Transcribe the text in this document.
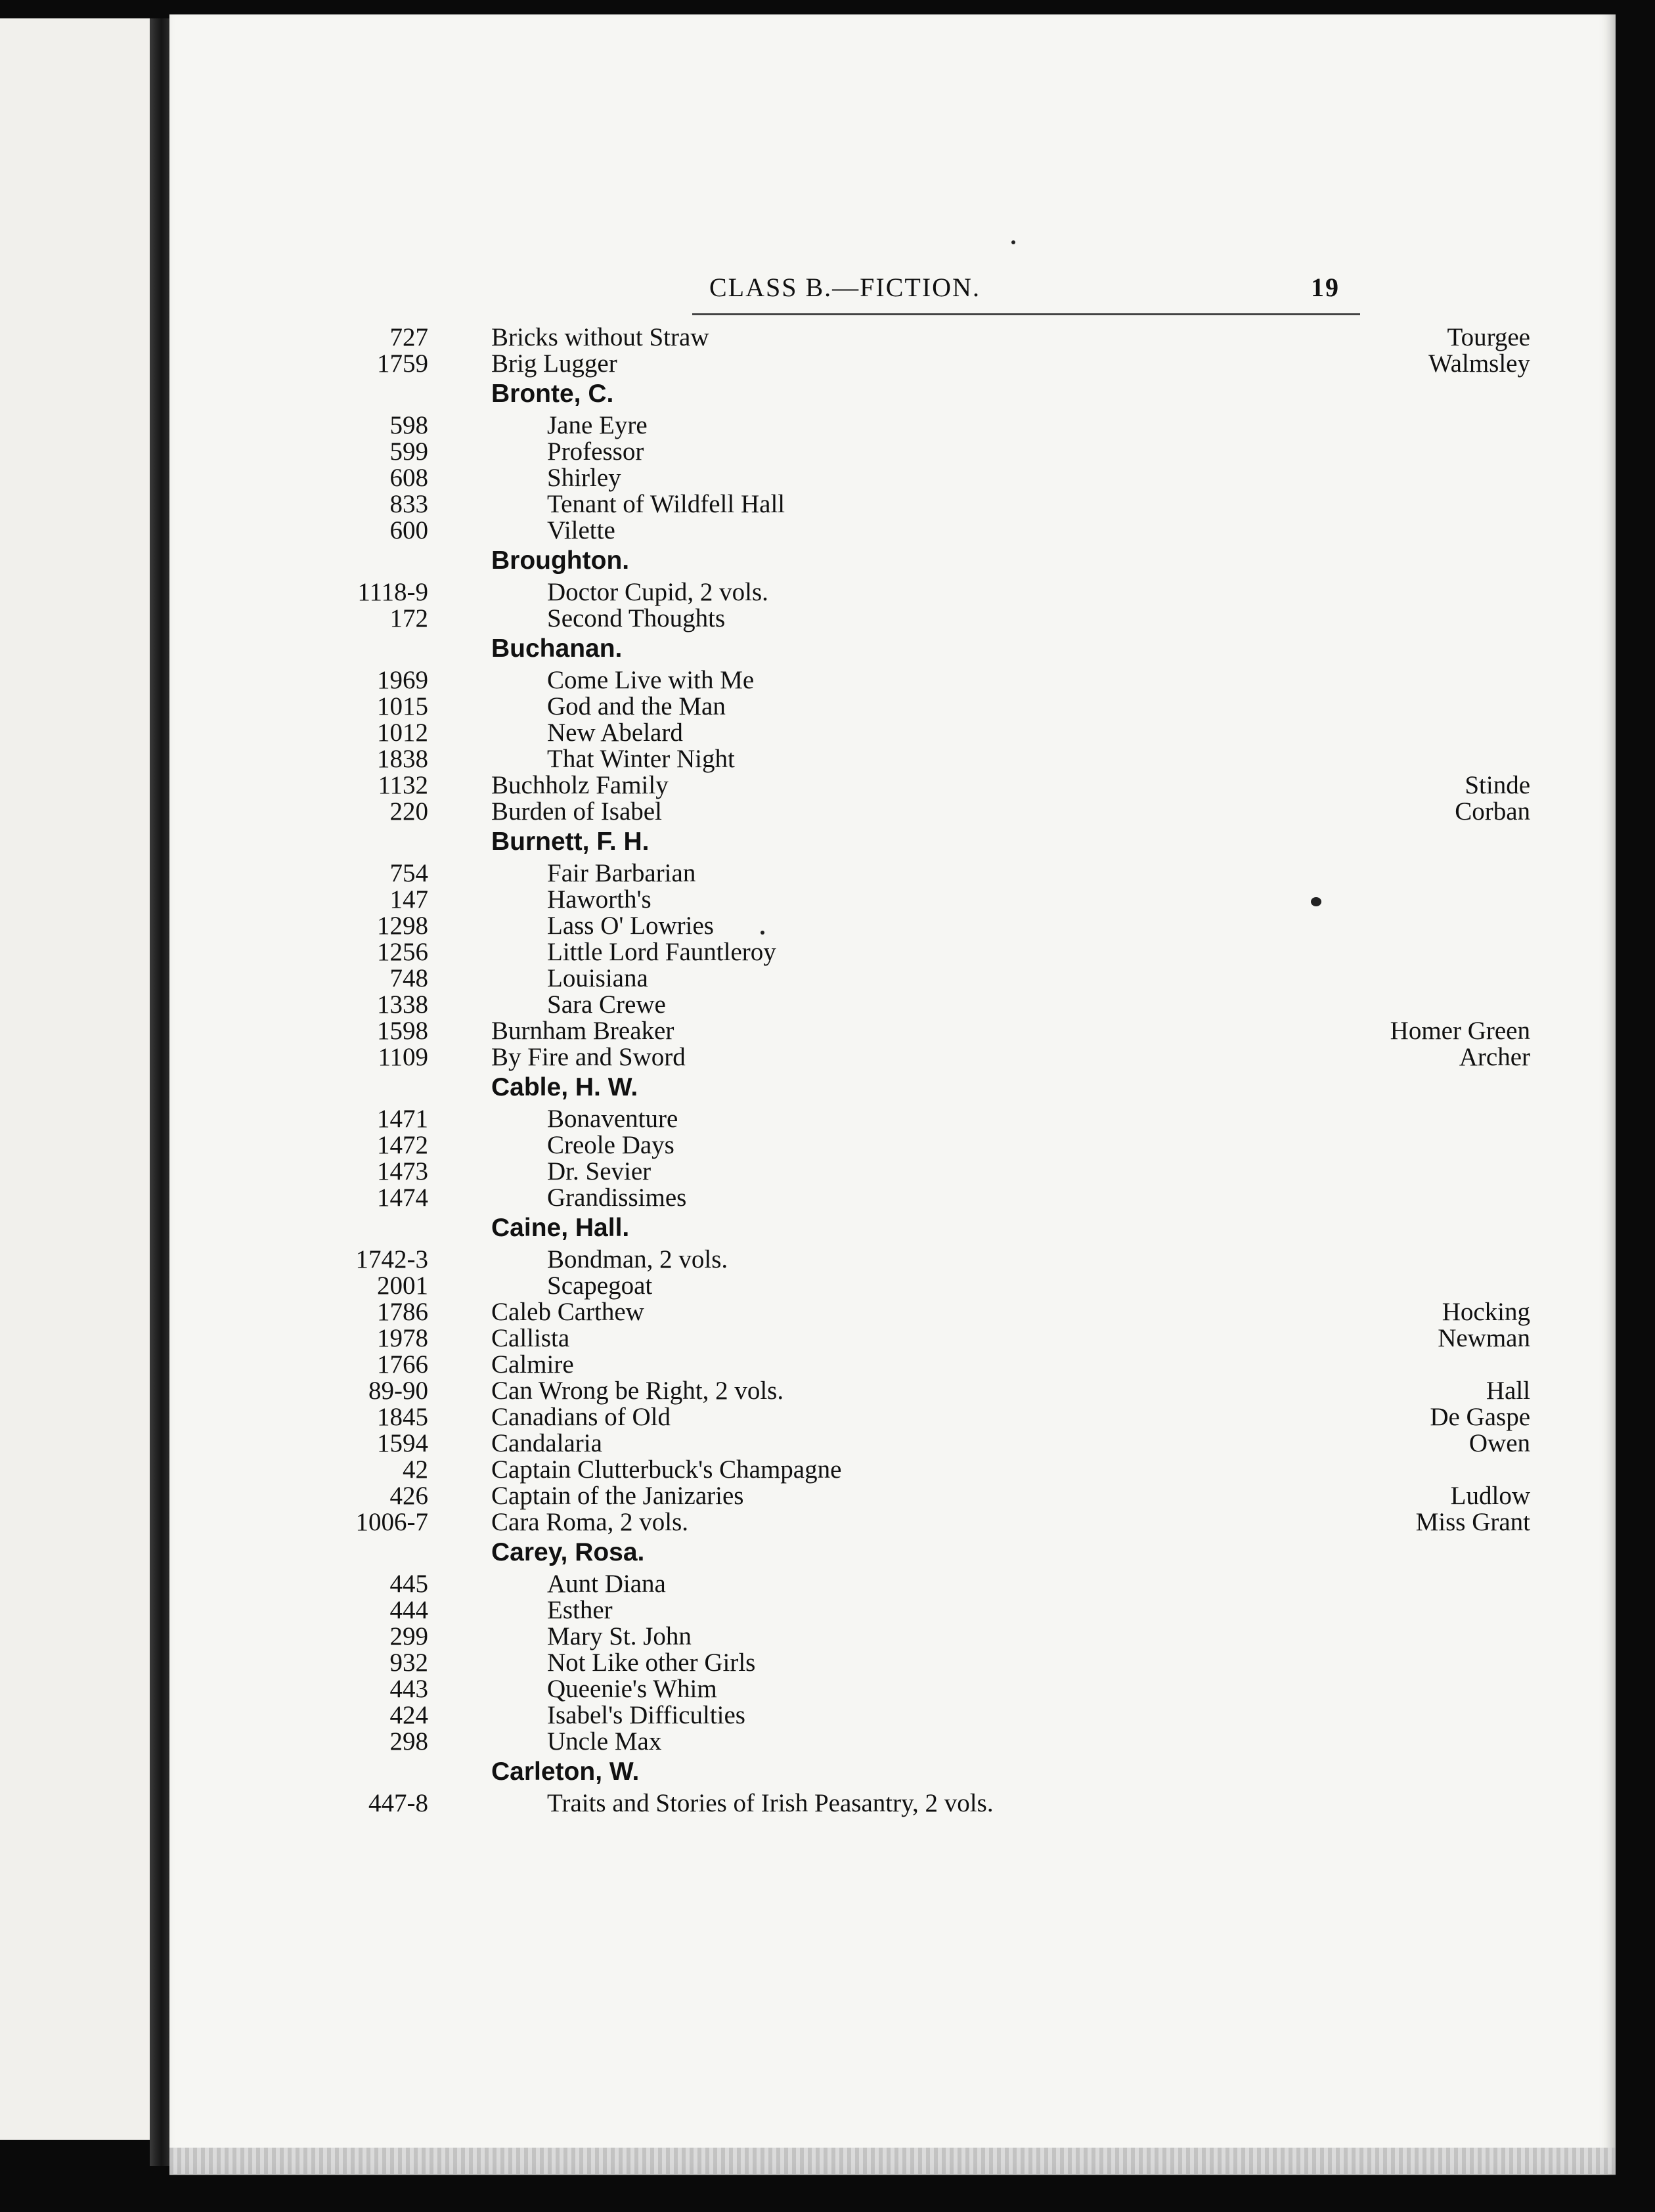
CLASS B.—FICTION.	19
727 Bricks without Straw	Tourgee
1759 Brig Lugger	Walmsley
Bronte, C.
598	Jane Eyre
599	Professor
608	Shirley
833	Tenant of Wildfell Hall
600	Vilette
Broughton.
1118-9	Doctor Cupid, 2 vols.
172	Second Thoughts
Buchanan.
1969	Come Live with Me
1015	God and the Man
1012	New Abelard
1838	That Winter Night
1132 Buchholz Family	Stinde
220 Burden of Isabel	Corban
Burnett, F. H.
754	Fair Barbarian
147	Haworth's
1298	Lass O' Lowries
1256	Little Lord Fauntleroy
748	Louisiana
1338	Sara Crewe
1598 Burnham Breaker	Homer Green
1109 By Fire and Sword	Archer
Cable, H. W.
1471	Bonaventure
1472	Creole Days
1473	Dr. Sevier
1474	Grandissimes
Caine, Hall.
1742-3	Bondman, 2 vols.
2001	Scapegoat
1786 Caleb Carthew	Hocking
1978 Callista	Newman
1766 Calmire
89-90 Can Wrong be Right, 2 vols.	Hall
1845 Canadians of Old	De Gaspe
1594 Candalaria	Owen
42 Captain Clutterbuck's Champagne
426 Captain of the Janizaries	Ludlow
1006-7 Cara Roma, 2 vols.	Miss Grant
Carey, Rosa.
445	Aunt Diana
444	Esther
299	Mary St. John
932	Not Like other Girls
443	Queenie's Whim
424	Isabel's Difficulties
298	Uncle Max
Carleton, W.
447-8	Traits and Stories of Irish Peasantry, 2 vols.
